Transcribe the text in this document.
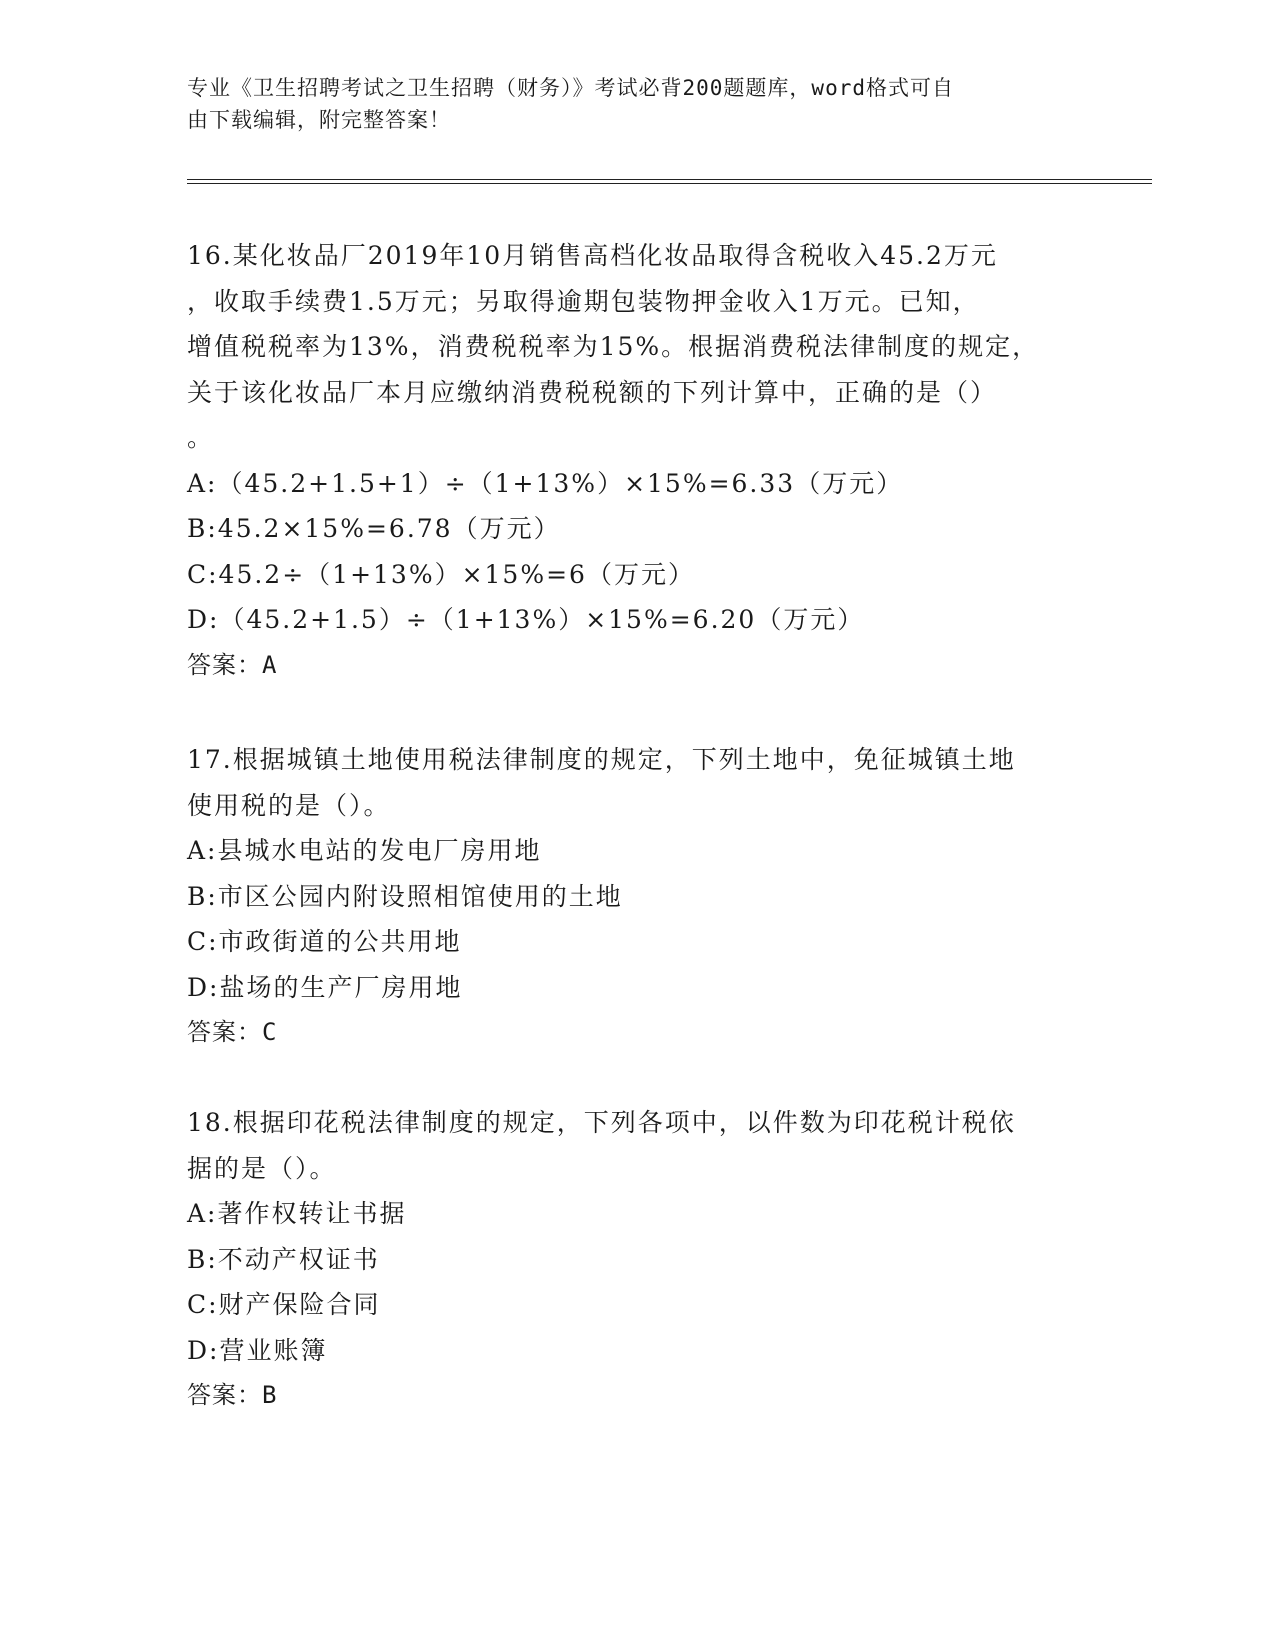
专业《卫生招聘考试之卫生招聘（财务）》考试必背200题题库，word格式可自
由下载编辑，附完整答案！
16.某化妆品厂2019年10月销售高档化妆品取得含税收入45.2万元
，收取手续费1.5万元；另取得逾期包装物押金收入1万元。已知，
增值税税率为13%，消费税税率为15%。根据消费税法律制度的规定，
关于该化妆品厂本月应缴纳消费税税额的下列计算中，正确的是（）
。
A:（45.2+1.5+1）÷（1+13%）×15%=6.33（万元）
B:45.2×15%=6.78（万元）
C:45.2÷（1+13%）×15%=6（万元）
D:（45.2+1.5）÷（1+13%）×15%=6.20（万元）
答案：A
17.根据城镇土地使用税法律制度的规定，下列土地中，免征城镇土地
使用税的是（）。
A:县城水电站的发电厂房用地
B:市区公园内附设照相馆使用的土地
C:市政街道的公共用地
D:盐场的生产厂房用地
答案：C
18.根据印花税法律制度的规定，下列各项中，以件数为印花税计税依
据的是（）。
A:著作权转让书据
B:不动产权证书
C:财产保险合同
D:营业账簿
答案：B
